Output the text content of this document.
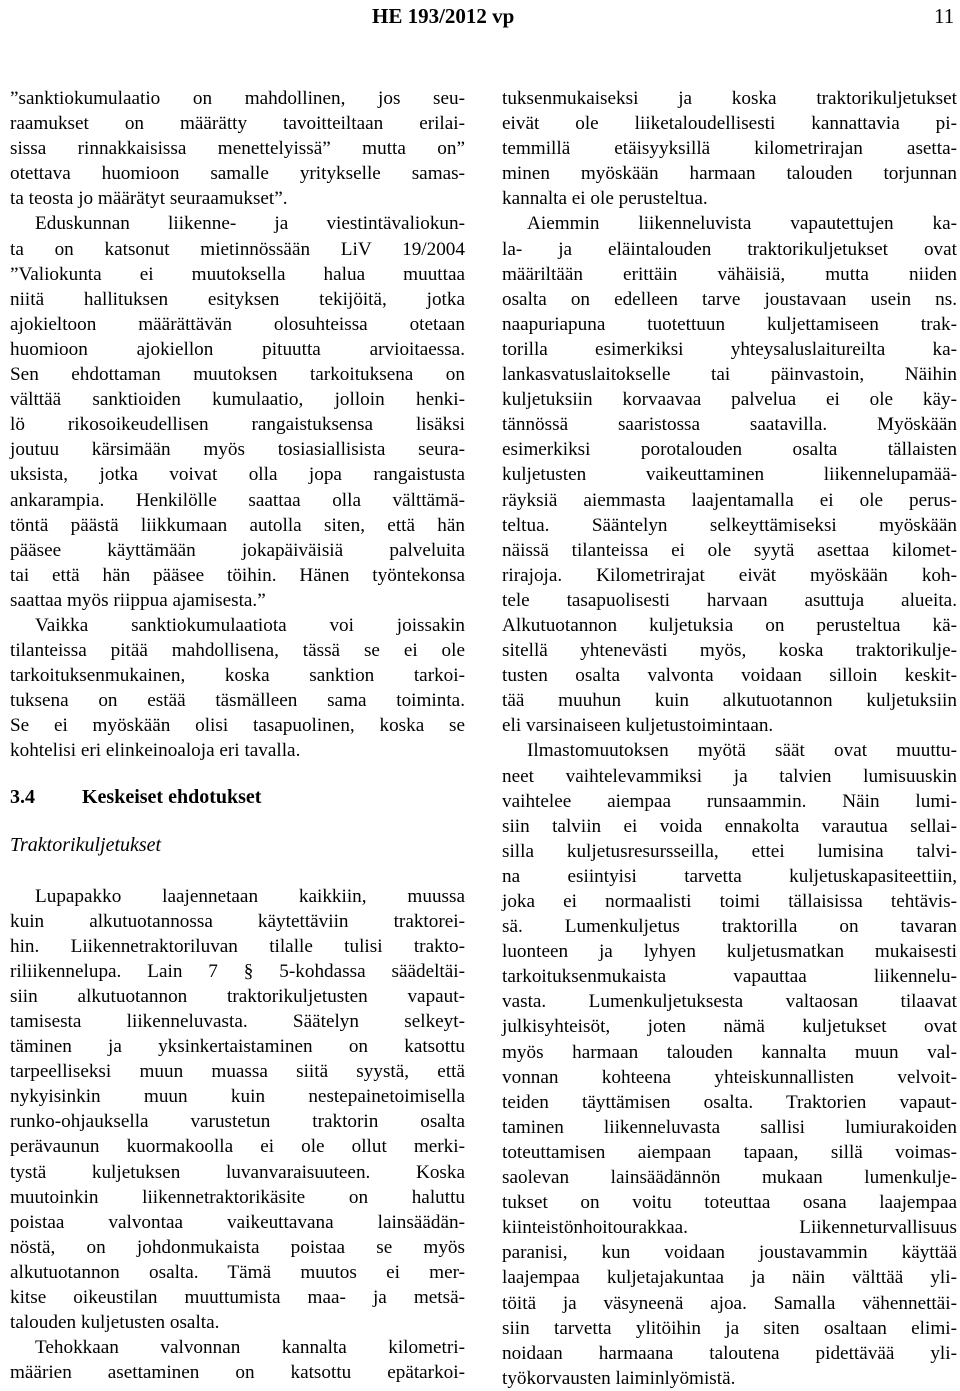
HE 193/2012 vp	11
”sanktiokumulaatio on mahdollinen, jos seu-
raamukset on määrätty tavoitteiltaan erilai-
sissa rinnakkaisissa menettelyissä” mutta on”
otettava huomioon samalle yritykselle samas-
ta teosta jo määrätyt seuraamukset”.
Eduskunnan liikenne- ja viestintävaliokun-
ta on katsonut mietinnössään LiV 19/2004
”Valiokunta ei muutoksella halua muuttaa
niitä hallituksen esityksen tekijöitä, jotka
ajokieltoon määrättävän olosuhteissa otetaan
huomioon ajokiellon pituutta arvioitaessa.
Sen ehdottaman muutoksen tarkoituksena on
välttää sanktioiden kumulaatio, jolloin henki-
lö rikosoikeudellisen rangaistuksensa lisäksi
joutuu kärsimään myös tosiasiallisista seura-
uksista, jotka voivat olla jopa rangaistusta
ankarampia. Henkilölle saattaa olla välttämä-
töntä päästä liikkumaan autolla siten, että hän
pääsee käyttämään jokapäiväisiä palveluita
tai että hän pääsee töihin. Hänen työntekonsa
saattaa myös riippua ajamisesta.”
Vaikka sanktiokumulaatiota voi joissakin
tilanteissa pitää mahdollisena, tässä se ei ole
tarkoituksenmukainen, koska sanktion tarkoi-
tuksena on estää täsmälleen sama toiminta.
Se ei myöskään olisi tasapuolinen, koska se
kohtelisi eri elinkeinoaloja eri tavalla.
3.4 Keskeiset ehdotukset
Traktorikuljetukset
Lupapakko laajennetaan kaikkiin, muussa
kuin alkutuotannossa käytettäviin traktorei-
hin. Liikennetraktoriluvan tilalle tulisi trakto-
riliikennelupa. Lain 7 § 5-kohdassa säädeltäi-
siin alkutuotannon traktorikuljetusten vapaut-
tamisesta liikenneluvasta. Säätelyn selkeyt-
täminen ja yksinkertaistaminen on katsottu
tarpeelliseksi muun muassa siitä syystä, että
nykyisinkin muun kuin nestepainetoimisella
runko-ohjauksella varustetun traktorin osalta
perävaunun kuormakoolla ei ole ollut merki-
tystä kuljetuksen luvanvaraisuuteen. Koska
muutoinkin liikennetraktorikäsite on haluttu
poistaa valvontaa vaikeuttavana lainsäädän-
nöstä, on johdonmukaista poistaa se myös
alkutuotannon osalta. Tämä muutos ei mer-
kitse oikeustilan muuttumista maa- ja metsä-
talouden kuljetusten osalta.
Tehokkaan valvonnan kannalta kilometri-
määrien asettaminen on katsottu epätarkoi-
tuksenmukaiseksi ja koska traktorikuljetukset
eivät ole liiketaloudellisesti kannattavia pi-
temmillä etäisyyksillä kilometrirajan asetta-
minen myöskään harmaan talouden torjunnan
kannalta ei ole perusteltua.
Aiemmin liikenneluvista vapautettujen ka-
la- ja eläintalouden traktorikuljetukset ovat
määriltään erittäin vähäisiä, mutta niiden
osalta on edelleen tarve joustavaan usein ns.
naapuriapuna tuotettuun kuljettamiseen trak-
torilla esimerkiksi yhteysaluslaitureilta ka-
lankasvatuslaitokselle tai päinvastoin, Näihin
kuljetuksiin korvaavaa palvelua ei ole käy-
tännössä saaristossa saatavilla. Myöskään
esimerkiksi porotalouden osalta tällaisten
kuljetusten vaikeuttaminen liikennelupamää-
räyksiä aiemmasta laajentamalla ei ole perus-
teltua. Sääntelyn selkeyttämiseksi myöskään
näissä tilanteissa ei ole syytä asettaa kilomet-
rirajoja. Kilometrirajat eivät myöskään koh-
tele tasapuolisesti harvaan asuttuja alueita.
Alkutuotannon kuljetuksia on perusteltua kä-
sitellä yhtenevästi myös, koska traktorikulje-
tusten osalta valvonta voidaan silloin keskit-
tää muuhun kuin alkutuotannon kuljetuksiin
eli varsinaiseen kuljetustoimintaan.
Ilmastomuutoksen myötä säät ovat muuttu-
neet vaihtelevammiksi ja talvien lumisuuskin
vaihtelee aiempaa runsaammin. Näin lumi-
siin talviin ei voida ennakolta varautua sellai-
silla kuljetusresursseilla, ettei lumisina talvi-
na esiintyisi tarvetta kuljetuskapasiteettiin,
joka ei normaalisti toimi tällaisissa tehtävis-
sä. Lumenkuljetus traktorilla on tavaran
luonteen ja lyhyen kuljetusmatkan mukaisesti
tarkoituksenmukaista vapauttaa liikennelu-
vasta. Lumenkuljetuksesta valtaosan tilaavat
julkisyhteisöt, joten nämä kuljetukset ovat
myös harmaan talouden kannalta muun val-
vonnan kohteena yhteiskunnallisten velvoit-
teiden täyttämisen osalta. Traktorien vapaut-
taminen liikenneluvasta sallisi lumiurakoiden
toteuttamisen aiempaan tapaan, sillä voimas-
saolevan lainsäädännön mukaan lumenkulje-
tukset on voitu toteuttaa osana laajempaa
kiinteistönhoitourakkaa. Liikenneturvallisuus
paranisi, kun voidaan joustavammin käyttää
laajempaa kuljetajakuntaa ja näin välttää yli-
töitä ja väsyneenä ajoa. Samalla vähennettäi-
siin tarvetta ylitöihin ja siten osaltaan elimi-
noidaan harmaana taloutena pidettävää yli-
työkorvausten laiminlyömistä.
